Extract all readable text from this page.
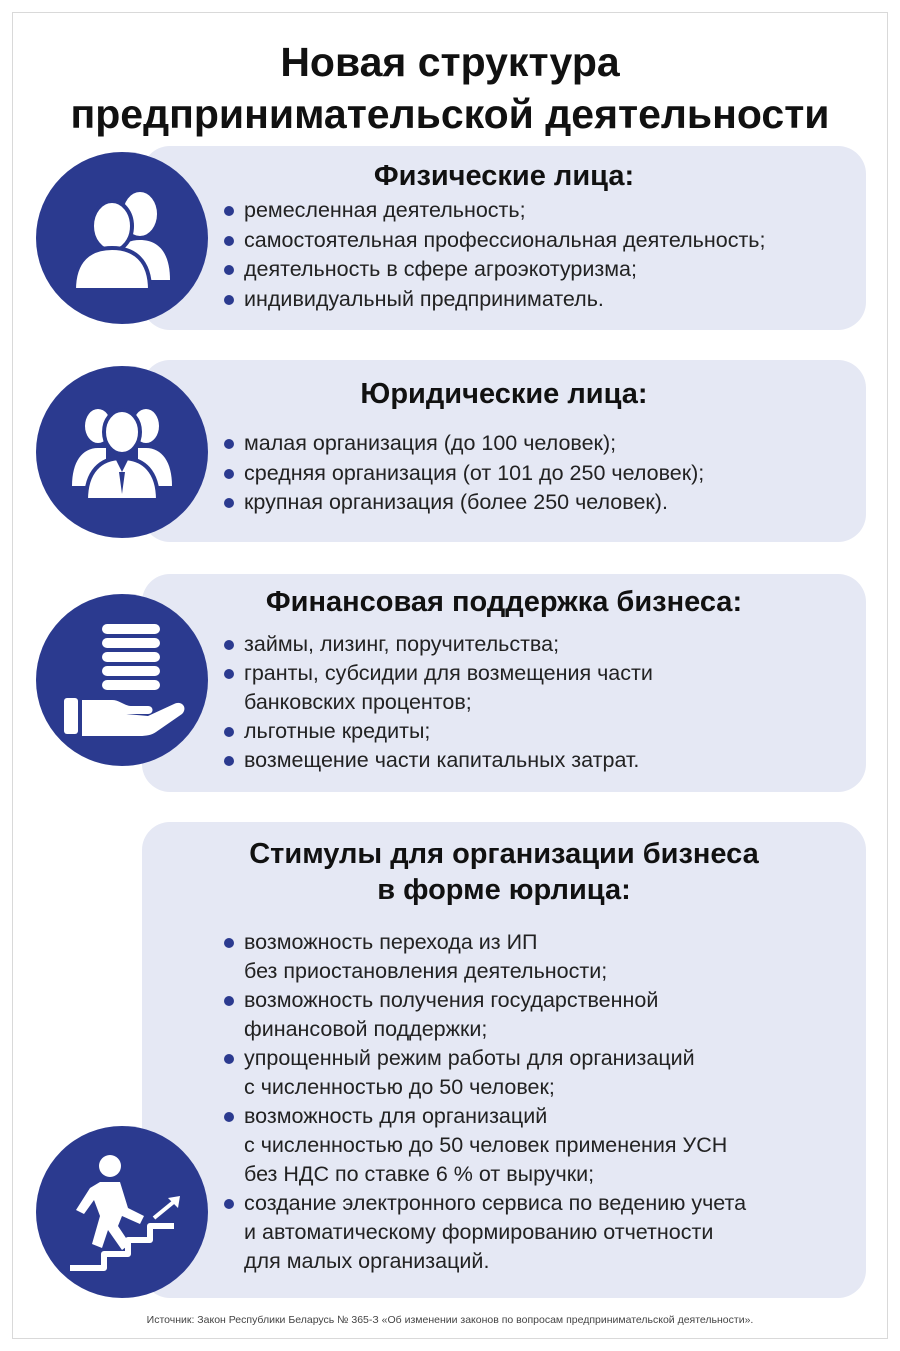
Новая структура
предпринимательской деятельности
Физические лица:
ремесленная деятельность;
самостоятельная профессиональная деятельность;
деятельность в сфере агроэкотуризма;
индивидуальный предприниматель.
Юридические лица:
малая организация (до 100 человек);
средняя организация (от 101 до 250 человек);
крупная организация (более 250 человек).
Финансовая поддержка бизнеса:
займы, лизинг, поручительства;
гранты, субсидии для возмещения части
банковских процентов;
льготные кредиты;
возмещение части капитальных затрат.
Стимулы для организации бизнеса
в форме юрлица:
возможность перехода из ИП
без приостановления деятельности;
возможность получения государственной
финансовой поддержки;
упрощенный режим работы для организаций
с численностью до 50 человек;
возможность для организаций
с численностью до 50 человек применения УСН
без НДС по ставке 6 % от выручки;
создание электронного сервиса по ведению учета
и автоматическому формированию отчетности
для малых организаций.
Источник: Закон Республики Беларусь № 365-З «Об изменении законов по вопросам предпринимательской деятельности».
